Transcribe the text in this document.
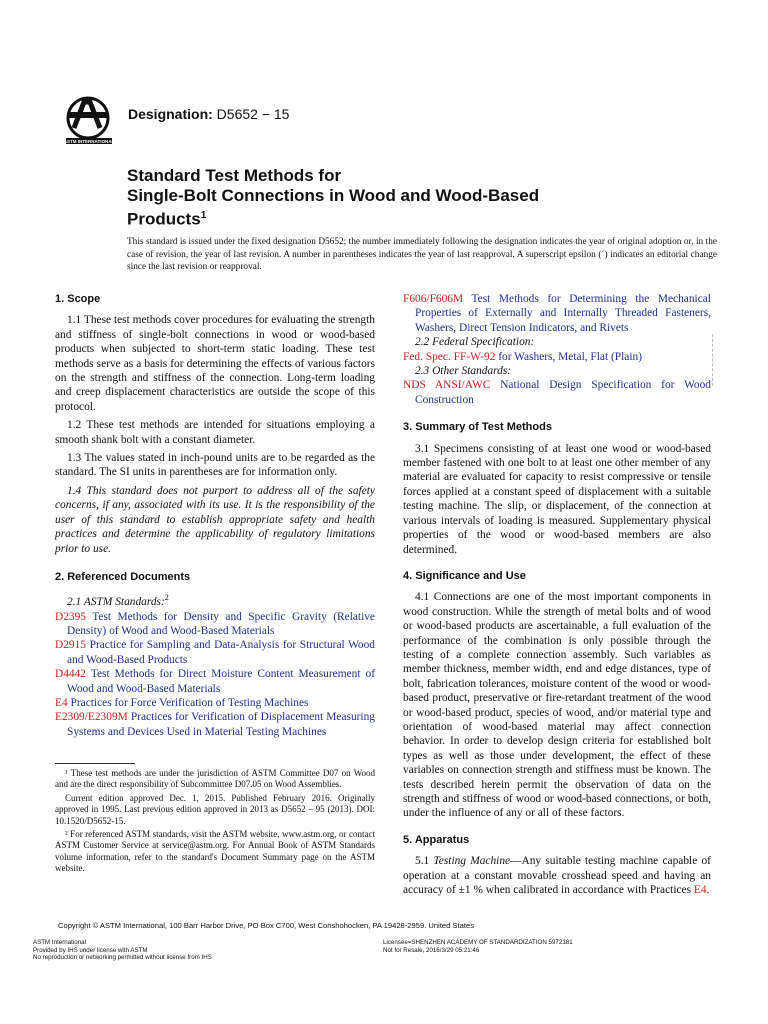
ASTM INTERNATIONAL
Designation: D5652 − 15
Standard Test Methods for
Single-Bolt Connections in Wood and Wood-Based
Products$^1$
This standard is issued under the fixed designation D5652; the number immediately following the designation indicates the year of original adoption or, in the case of revision, the year of last revision. A number in parentheses indicates the year of last reapproval. A superscript epsilon (´) indicates an editorial change since the last revision or reapproval.
1. Scope

1.1 These test methods cover procedures for evaluating the strength and stiffness of single-bolt connections in wood or wood-based products when subjected to short-term static loading. These test methods serve as a basis for determining the effects of various factors on the strength and stiffness of the connection. Long-term loading and creep displacement characteristics are outside the scope of this protocol.

1.2 These test methods are intended for situations employing a smooth shank bolt with a constant diameter.

1.3 The values stated in inch-pound units are to be regarded as the standard. The SI units in parentheses are for information only.

1.4 This standard does not purport to address all of the safety concerns, if any, associated with its use. It is the responsibility of the user of this standard to establish appropriate safety and health practices and determine the applicability of regulatory limitations prior to use.

2. Referenced Documents

2.1 ASTM Standards:$^2$

D2395 Test Methods for Density and Specific Gravity (Relative Density) of Wood and Wood-Based Materials
D2915 Practice for Sampling and Data-Analysis for Structural Wood and Wood-Based Products
D4442 Test Methods for Direct Moisture Content Measurement of Wood and Wood-Based Materials
E4 Practices for Force Verification of Testing Machines
E2309/E2309M Practices for Verification of Displacement Measuring Systems and Devices Used in Material Testing Machines

¹ These test methods are under the jurisdiction of ASTM Committee D07 on Wood and are the direct responsibility of Subcommittee D07.05 on Wood Assemblies.

Current edition approved Dec. 1, 2015. Published February 2016. Originally approved in 1995. Last previous edition approved in 2013 as D5652 – 95 (2013). DOI: 10.1520/D5652-15.

² For referenced ASTM standards, visit the ASTM website, www.astm.org, or contact ASTM Customer Service at service@astm.org. For Annual Book of ASTM Standards volume information, refer to the standard's Document Summary page on the ASTM website.

F606/F606M Test Methods for Determining the Mechanical Properties of Externally and Internally Threaded Fasteners, Washers, Direct Tension Indicators, and Rivets

2.2 Federal Specification:

Fed. Spec. FF-W-92 for Washers, Metal, Flat (Plain)

2.3 Other Standards:

NDS ANSI/AWC National Design Specification for Wood Construction
3. Summary of Test Methods

3.1 Specimens consisting of at least one wood or wood-based member fastened with one bolt to at least one other member of any material are evaluated for capacity to resist compressive or tensile forces applied at a constant speed of displacement with a suitable testing machine. The slip, or displacement, of the connection at various intervals of loading is measured. Supplementary physical properties of the wood or wood-based members are also determined.

4. Significance and Use

4.1 Connections are one of the most important components in wood construction. While the strength of metal bolts and of wood or wood-based products are ascertainable, a full evaluation of the performance of the combination is only possible through the testing of a complete connection assembly. Such variables as member thickness, member width, end and edge distances, type of bolt, fabrication tolerances, moisture content of the wood or wood-based product, preservative or fire-retardant treatment of the wood or wood-based product, species of wood, and/or material type and orientation of wood-based material may affect connection behavior. In order to develop design criteria for established bolt types as well as those under development, the effect of these variables on connection strength and stiffness must be known. The tests described herein permit the observation of data on the strength and stiffness of wood or wood-based connections, or both, under the influence of any or all of these factors.

5. Apparatus

5.1 Testing Machine—Any suitable testing machine capable of operation at a constant movable crosshead speed and having an accuracy of ±1 % when calibrated in accordance with Practices E4.

Copyright © ASTM International, 100 Barr Harbor Drive, PO Box C700, West Conshohocken, PA 19428-2959. United States
ASTM International
Provided by IHS under license with ASTM
No reproduction or networking permitted without license from IHS
Licensee=SHENZHEN ACADEMY OF STANDARDIZATION 5972181
Not for Resale, 2016/3/29 05:21:46
